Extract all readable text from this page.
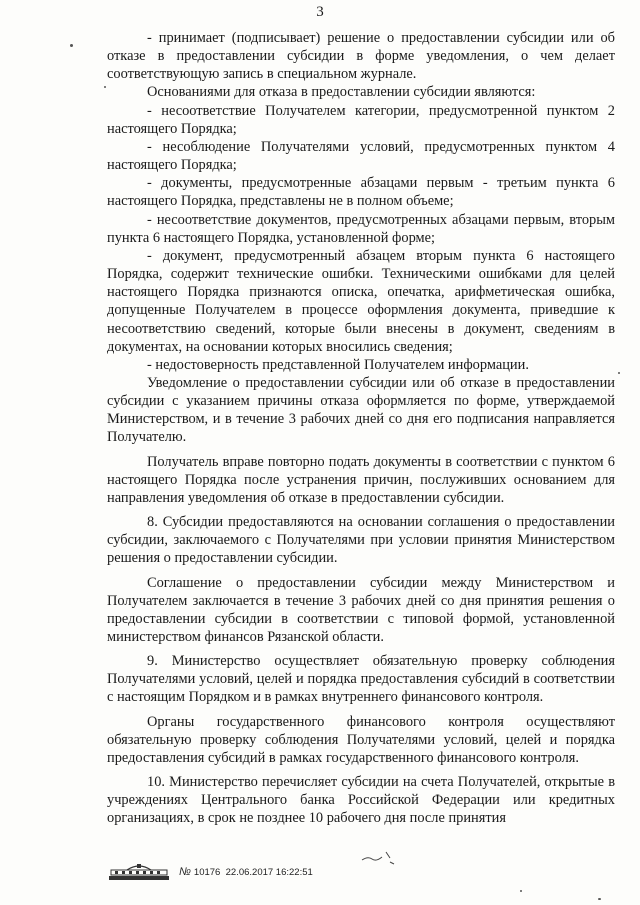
3

- принимает (подписывает) решение о предоставлении субсидии или об отказе в предоставлении субсидии в форме уведомления, о чем делает соответствующую запись в специальном журнале.

Основаниями для отказа в предоставлении субсидии являются:

- несоответствие Получателем категории, предусмотренной пунктом 2 настоящего Порядка;

- несоблюдение Получателями условий, предусмотренных пунктом 4 настоящего Порядка;

- документы, предусмотренные абзацами первым - третьим пункта 6 настоящего Порядка, представлены не в полном объеме;

- несоответствие документов, предусмотренных абзацами первым, вторым пункта 6 настоящего Порядка, установленной форме;

- документ, предусмотренный абзацем вторым пункта 6 настоящего Порядка, содержит технические ошибки. Техническими ошибками для целей настоящего Порядка признаются описка, опечатка, арифметическая ошибка, допущенные Получателем в процессе оформления документа, приведшие к несоответствию сведений, которые были внесены в документ, сведениям в документах, на основании которых вносились сведения;

- недостоверность представленной Получателем информации.

Уведомление о предоставлении субсидии или об отказе в предоставлении субсидии с указанием причины отказа оформляется по форме, утверждаемой Министерством, и в течение 3 рабочих дней со дня его подписания направляется Получателю.

Получатель вправе повторно подать документы в соответствии с пунктом 6 настоящего Порядка после устранения причин, послуживших основанием для направления уведомления об отказе в предоставлении субсидии.

8. Субсидии предоставляются на основании соглашения о предоставлении субсидии, заключаемого с Получателями при условии принятия Министерством решения о предоставлении субсидии.

Соглашение о предоставлении субсидии между Министерством и Получателем заключается в течение 3 рабочих дней со дня принятия решения о предоставлении субсидии в соответствии с типовой формой, установленной министерством финансов Рязанской области.

9. Министерство осуществляет обязательную проверку соблюдения Получателями условий, целей и порядка предоставления субсидий в соответствии с настоящим Порядком и в рамках внутреннего финансового контроля.

Органы государственного финансового контроля осуществляют обязательную проверку соблюдения Получателями условий, целей и порядка предоставления субсидий в рамках государственного финансового контроля.

10. Министерство перечисляет субсидии на счета Получателей, открытые в учреждениях Центрального банка Российской Федерации или кредитных организациях, в срок не позднее 10 рабочего дня после принятия

№ 10176 22.06.2017 16:22:51
